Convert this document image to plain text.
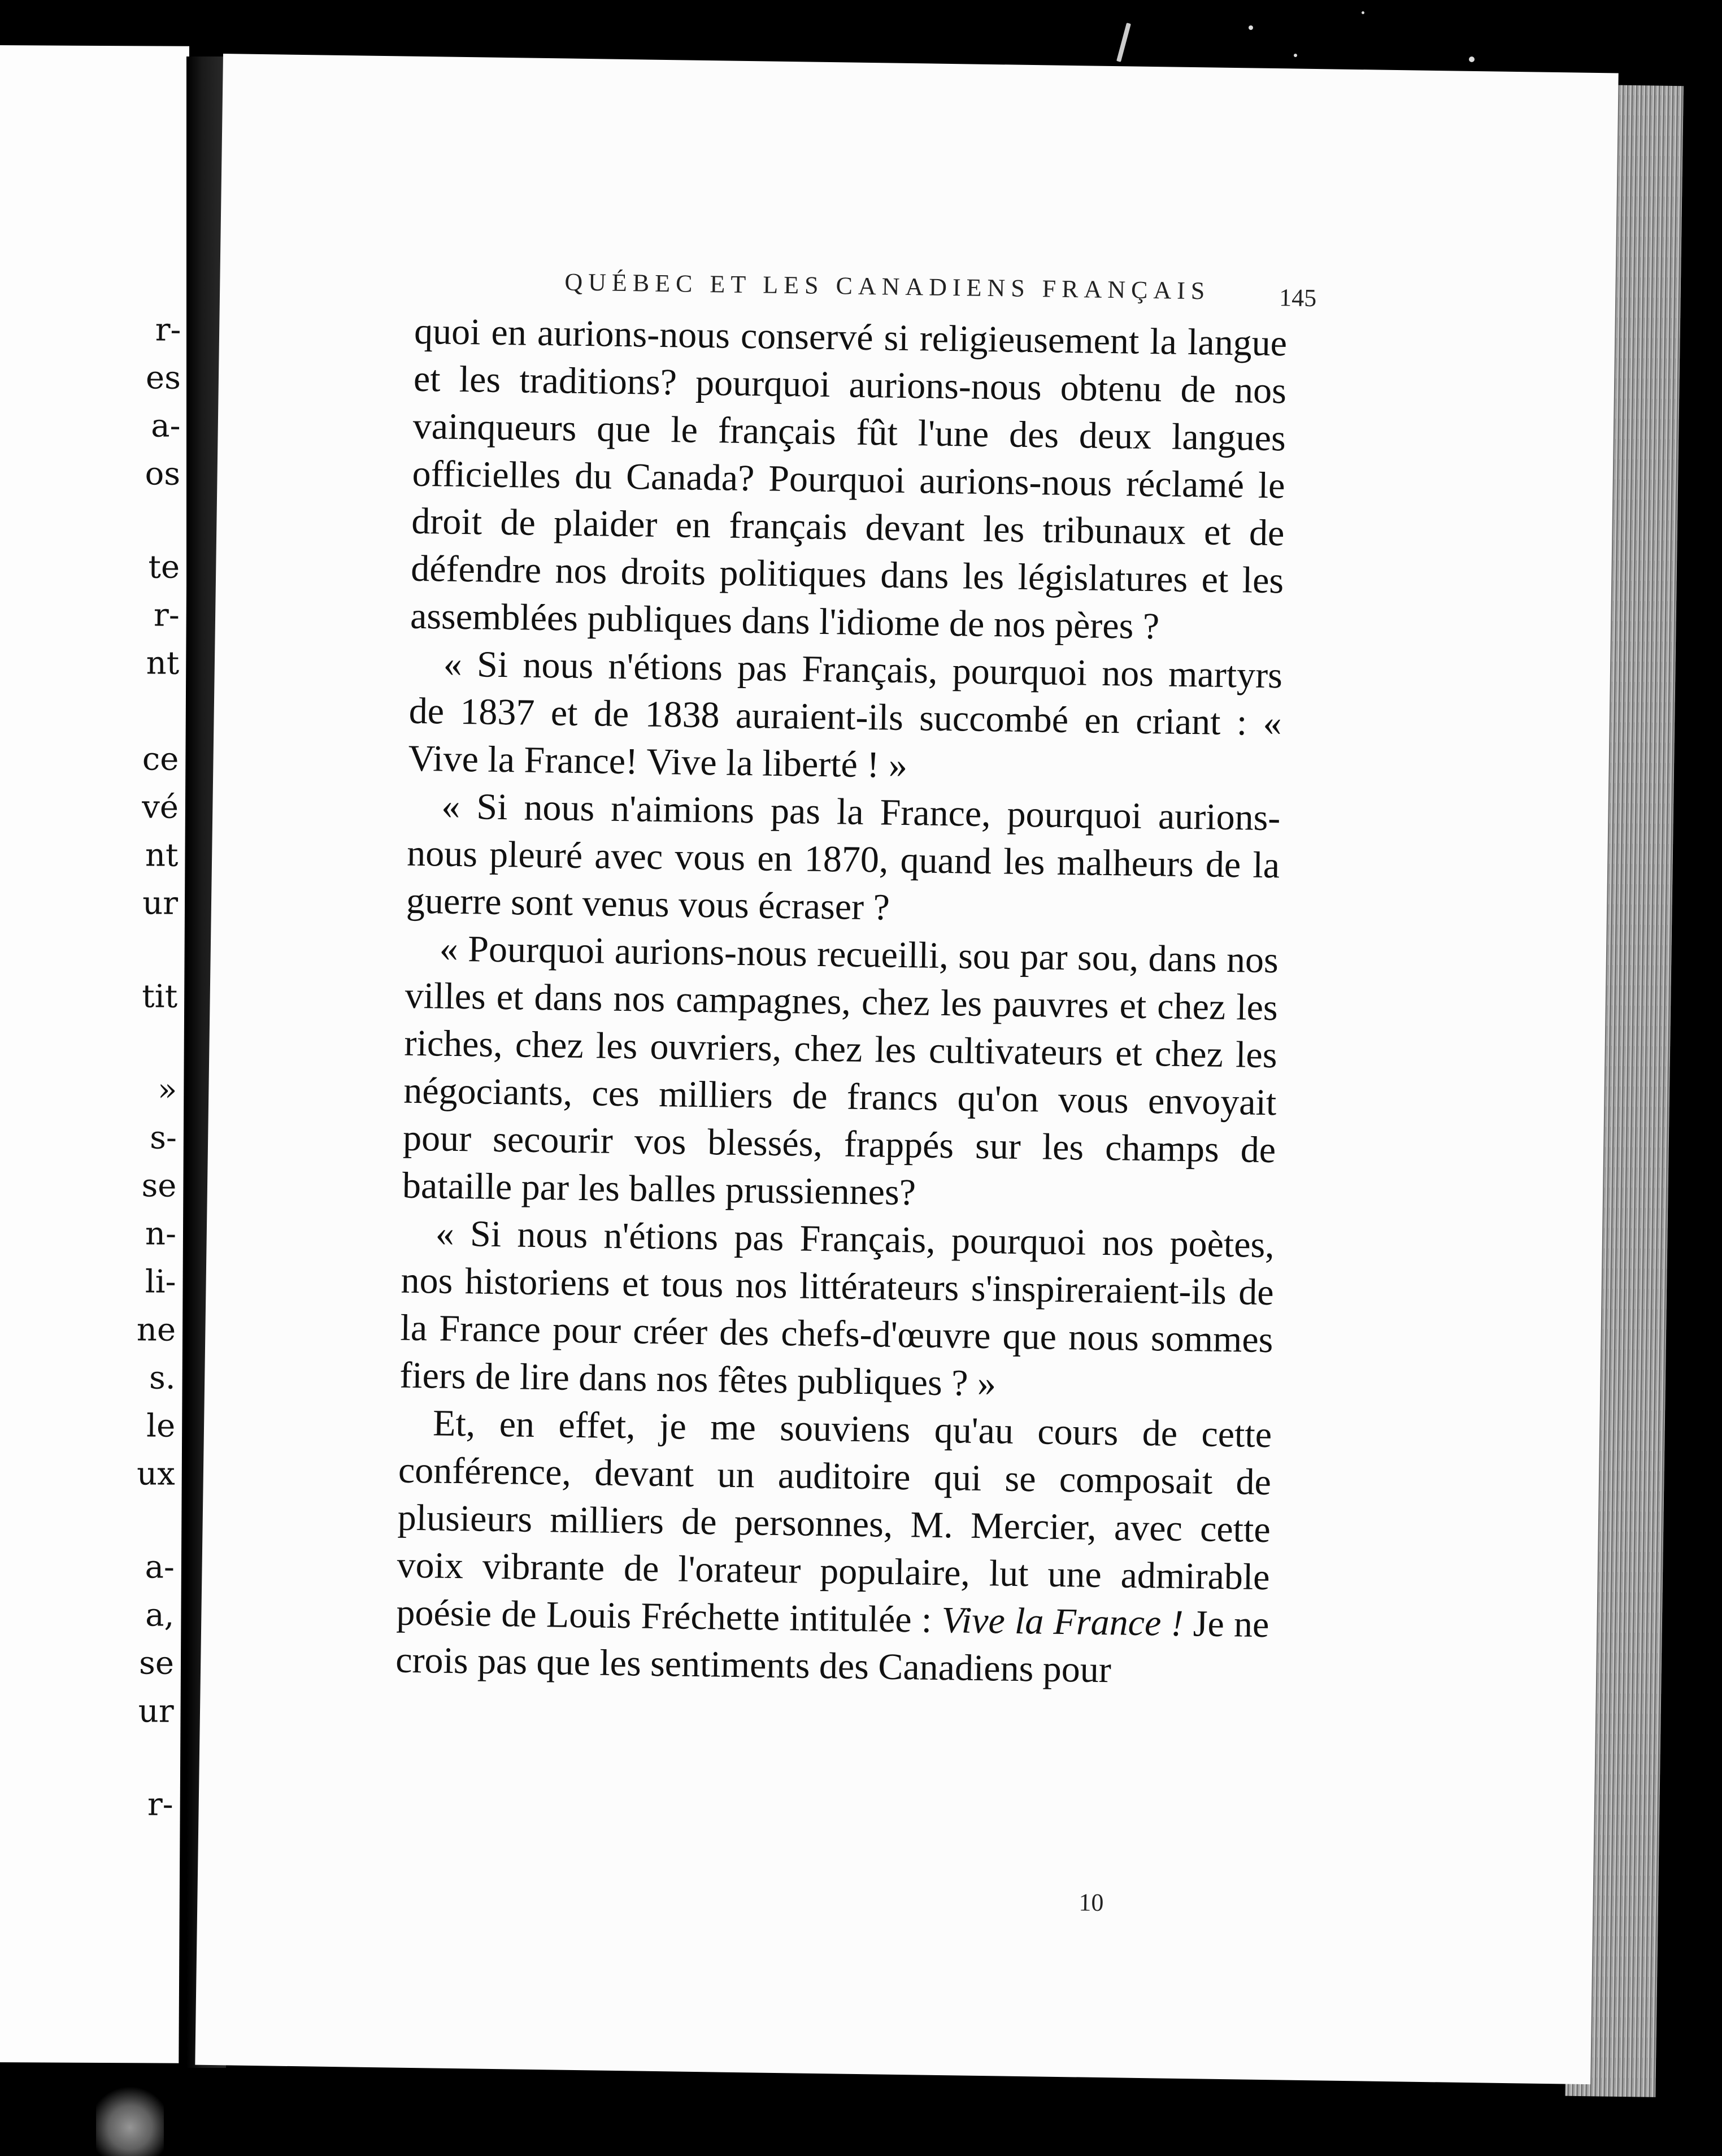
r-
es
a-
os
te
r-
nt
ce
vé
nt
ur
tit
»
s-
se
n-
li-
ne
s.
le
ux
a-
a,
se
ur
r-
QUÉBEC ET LES CANADIENS FRANÇAIS	145

quoi en aurions-nous conservé si religieusement la langue et les traditions? pourquoi aurions-nous obtenu de nos vainqueurs que le français fût l'une des deux langues officielles du Canada? Pourquoi aurions-nous réclamé le droit de plaider en français devant les tribunaux et de défendre nos droits politiques dans les législatures et les assemblées publiques dans l'idiome de nos pères ?

« Si nous n'étions pas Français, pourquoi nos martyrs de 1837 et de 1838 auraient-ils succombé en criant : « Vive la France! Vive la liberté ! »

« Si nous n'aimions pas la France, pourquoi aurions-nous pleuré avec vous en 1870, quand les malheurs de la guerre sont venus vous écraser ?

« Pourquoi aurions-nous recueilli, sou par sou, dans nos villes et dans nos campagnes, chez les pauvres et chez les riches, chez les ouvriers, chez les cultivateurs et chez les négociants, ces milliers de francs qu'on vous envoyait pour secourir vos blessés, frappés sur les champs de bataille par les balles prussiennes?

« Si nous n'étions pas Français, pourquoi nos poètes, nos historiens et tous nos littérateurs s'inspireraient-ils de la France pour créer des chefs-d'œuvre que nous sommes fiers de lire dans nos fêtes publiques ? »

Et, en effet, je me souviens qu'au cours de cette conférence, devant un auditoire qui se composait de plusieurs milliers de personnes, M. Mercier, avec cette voix vibrante de l'orateur populaire, lut une admirable poésie de Louis Fréchette intitulée : Vive la France ! Je ne crois pas que les sentiments des Canadiens pour

10
